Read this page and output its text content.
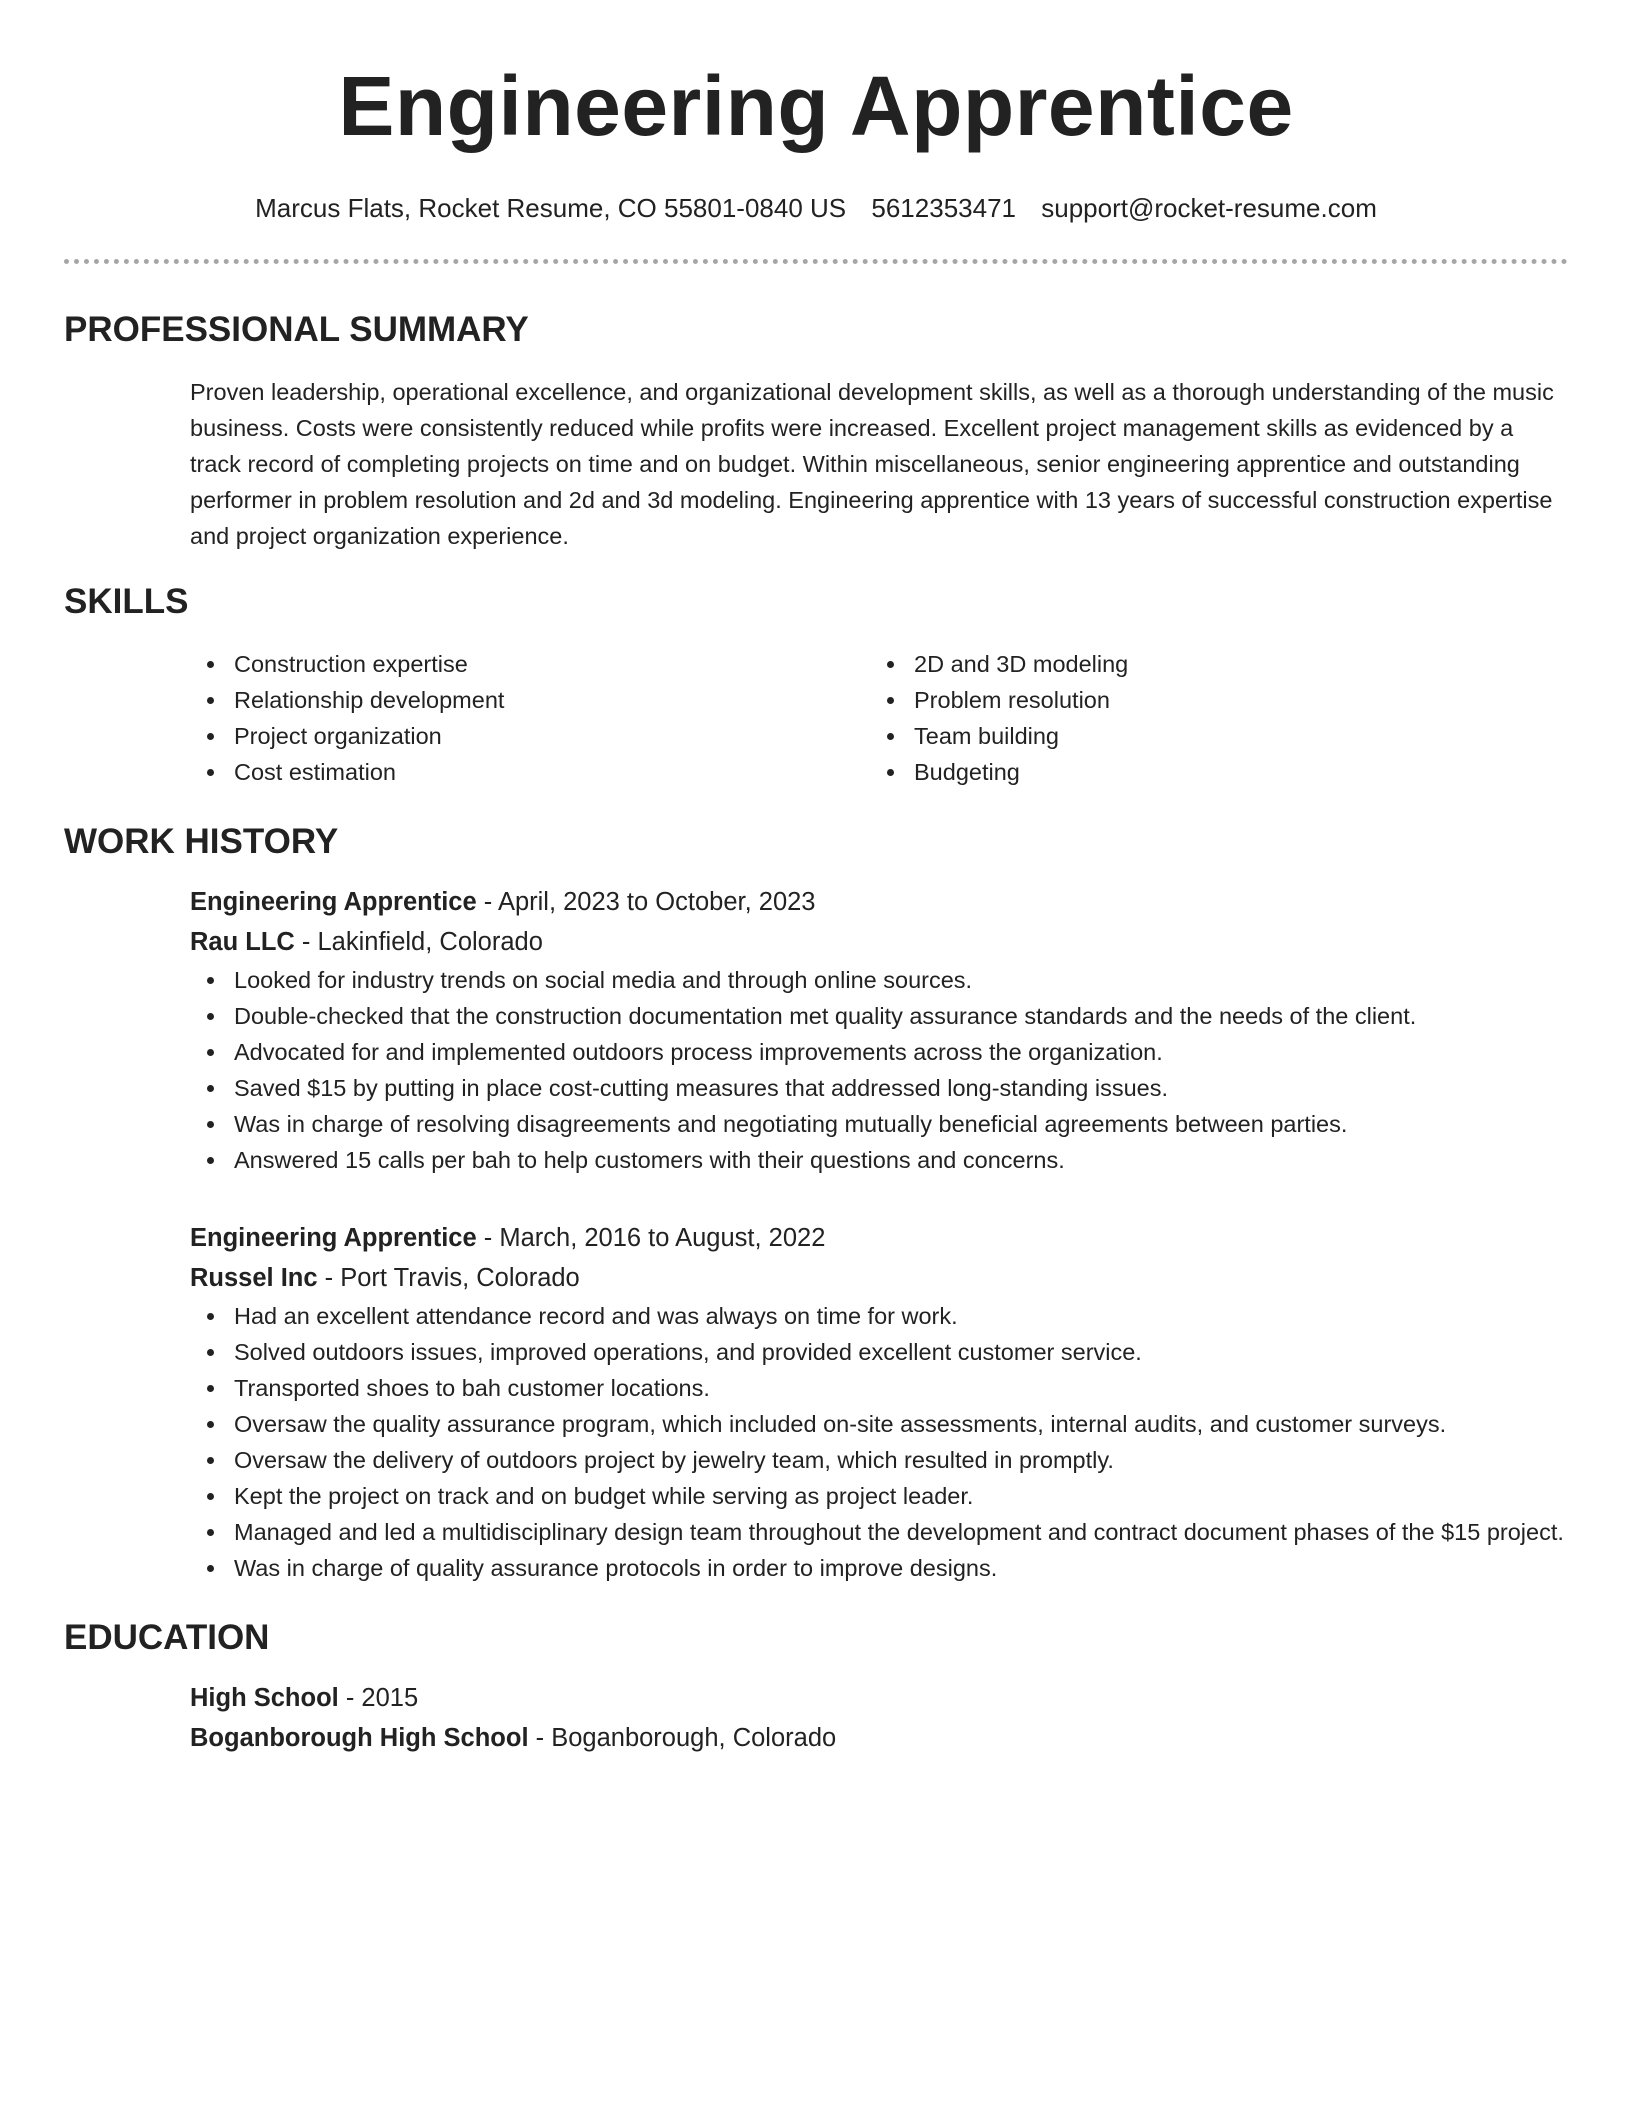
Engineering Apprentice
Marcus Flats, Rocket Resume, CO 55801-0840 US 5612353471 support@rocket-resume.com
PROFESSIONAL SUMMARY

Proven leadership, operational excellence, and organizational development skills, as well as a thorough understanding of the music business. Costs were consistently reduced while profits were increased. Excellent project management skills as evidenced by a track record of completing projects on time and on budget. Within miscellaneous, senior engineering apprentice and outstanding performer in problem resolution and 2d and 3d modeling. Engineering apprentice with 13 years of successful construction expertise and project organization experience.

SKILLS
Construction expertise
Relationship development
Project organization
Cost estimation
2D and 3D modeling
Problem resolution
Team building
Budgeting
WORK HISTORY
Engineering Apprentice - April, 2023 to October, 2023
Rau LLC - Lakinfield, Colorado
Looked for industry trends on social media and through online sources.
Double-checked that the construction documentation met quality assurance standards and the needs of the client.
Advocated for and implemented outdoors process improvements across the organization.
Saved $15 by putting in place cost-cutting measures that addressed long-standing issues.
Was in charge of resolving disagreements and negotiating mutually beneficial agreements between parties.
Answered 15 calls per bah to help customers with their questions and concerns.
Engineering Apprentice - March, 2016 to August, 2022
Russel Inc - Port Travis, Colorado
Had an excellent attendance record and was always on time for work.
Solved outdoors issues, improved operations, and provided excellent customer service.
Transported shoes to bah customer locations.
Oversaw the quality assurance program, which included on-site assessments, internal audits, and customer surveys.
Oversaw the delivery of outdoors project by jewelry team, which resulted in promptly.
Kept the project on track and on budget while serving as project leader.
Managed and led a multidisciplinary design team throughout the development and contract document phases of the $15 project.
Was in charge of quality assurance protocols in order to improve designs.
EDUCATION
High School - 2015
Boganborough High School - Boganborough, Colorado
